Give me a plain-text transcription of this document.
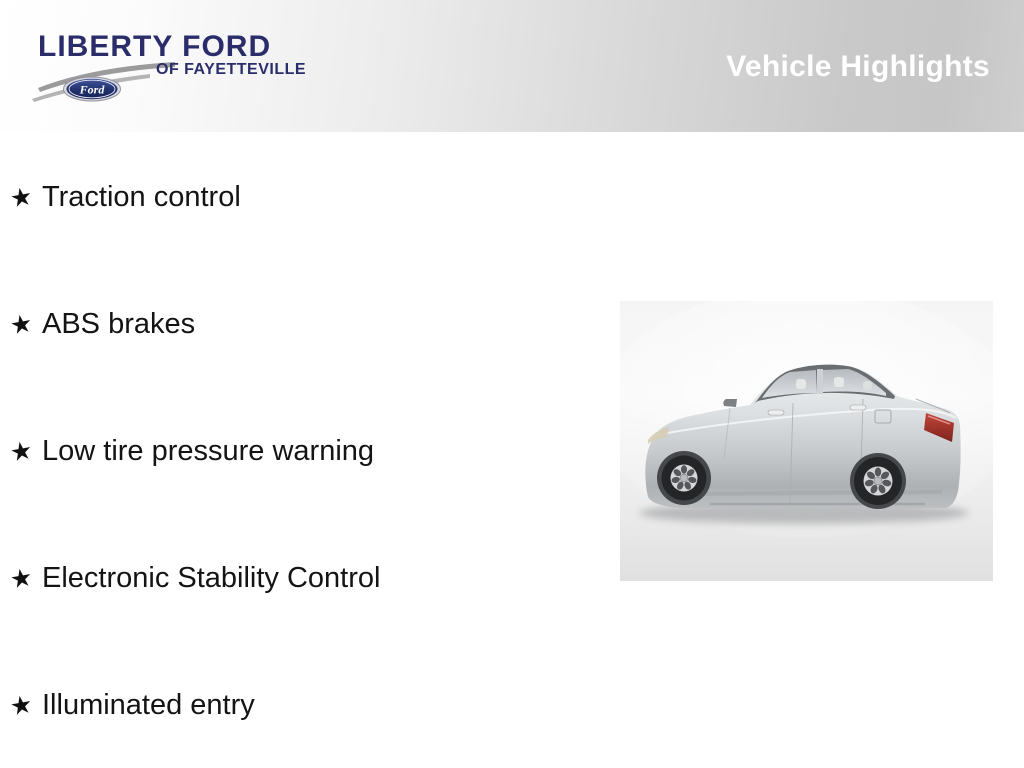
LIBERTY FORD
Ford
OF FAYETTEVILLE	Vehicle Highlights
★ Traction control
★ ABS brakes
★ Low tire pressure warning
★ Electronic Stability Control
★ Illuminated entry
